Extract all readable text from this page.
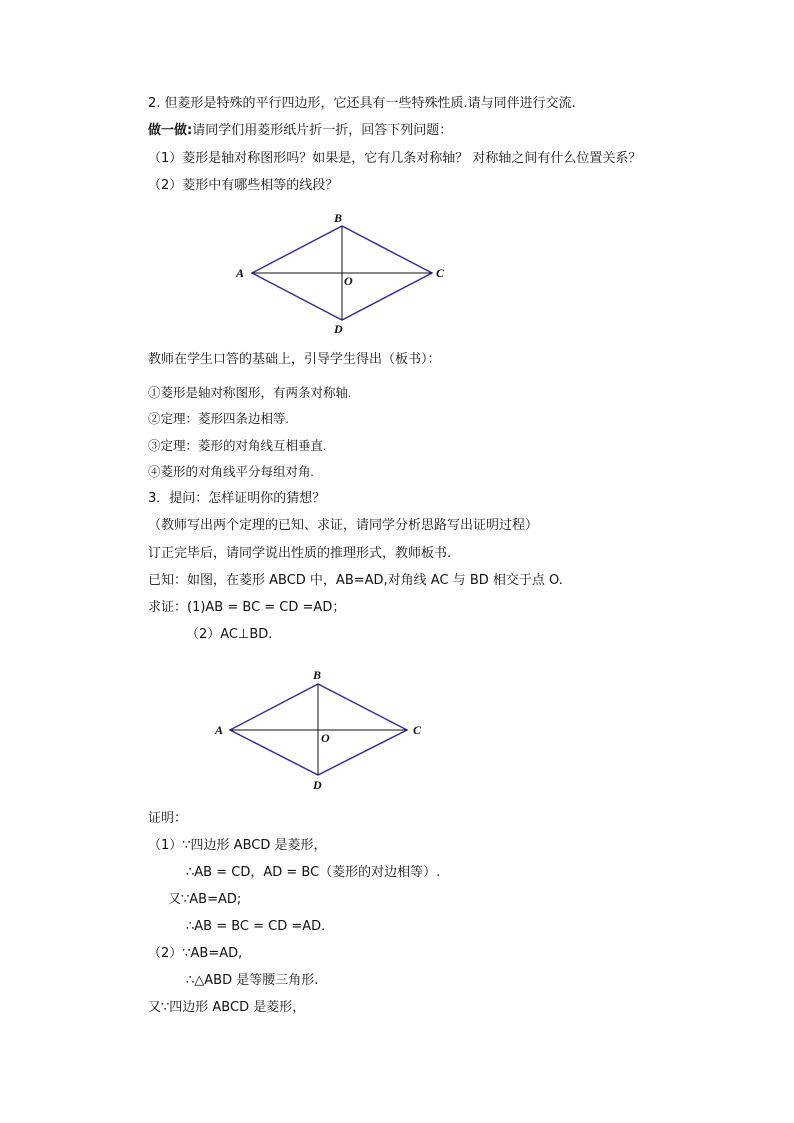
2. 但菱形是特殊的平行四边形，它还具有一些特殊性质.请与同伴进行交流.
做一做:请同学们用菱形纸片折一折，回答下列问题：
（1）菱形是轴对称图形吗？如果是，它有几条对称轴？ 对称轴之间有什么位置关系？
（2）菱形中有哪些相等的线段？
A
B
C
D
O
教师在学生口答的基础上，引导学生得出（板书）：
①菱形是轴对称图形，有两条对称轴.
②定理：菱形四条边相等.
③定理：菱形的对角线互相垂直.
④菱形的对角线平分每组对角.
3．提问：怎样证明你的猜想？
（教师写出两个定理的已知、求证，请同学分析思路写出证明过程）
订正完毕后，请同学说出性质的推理形式，教师板书.
已知：如图，在菱形 ABCD 中，AB=AD,对角线 AC 与 BD 相交于点 O.
求证：(1)AB = BC = CD =AD；
（2）AC⊥BD.
A
B
C
D
O
证明：
（1）∵四边形 ABCD 是菱形，
∴AB = CD，AD = BC（菱形的对边相等）.
又∵AB=AD;
∴AB = BC = CD =AD.
（2）∵AB=AD,
∴△ABD 是等腰三角形.
又∵四边形 ABCD 是菱形，
